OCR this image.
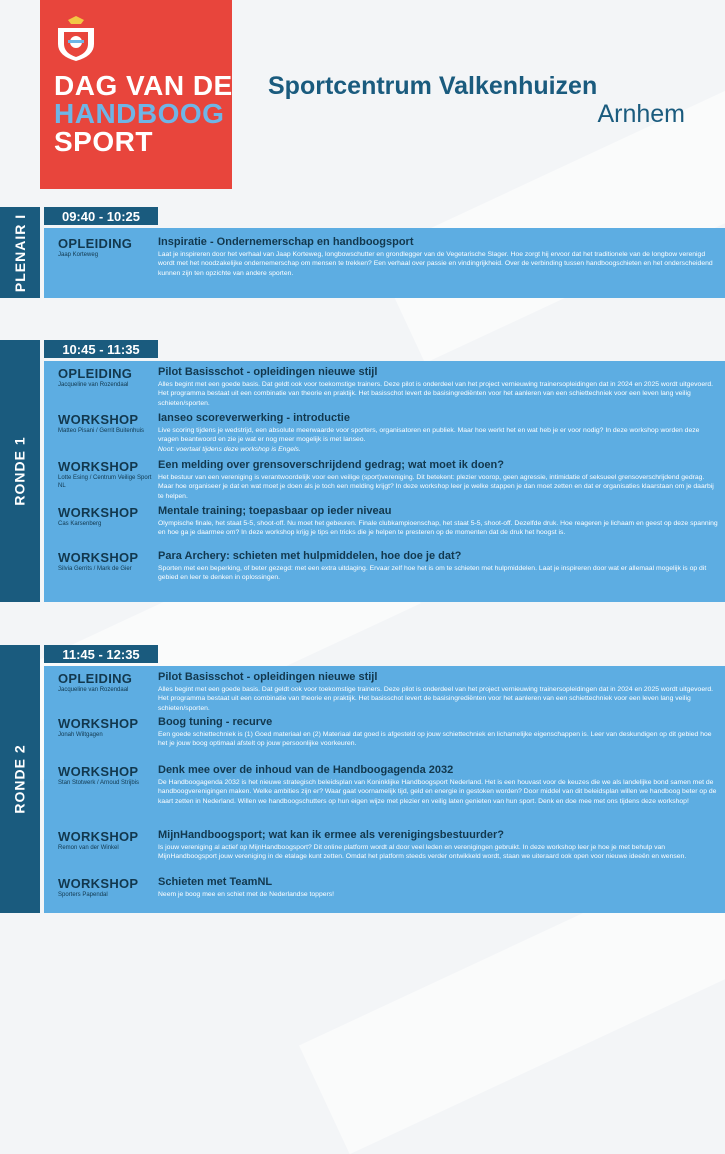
DAG VAN DE
HANDBOOG
SPORT
Sportcentrum Valkenhuizen
Arnhem
PLENAIR I	09:40 - 10:25
OPLEIDING
Jaap Korteweg
Inspiratie - Ondernemerschap en handboogsport
Laat je inspireren door het verhaal van Jaap Korteweg, longbowschutter en grondlegger van de Vegetarische Slager. Hoe zorgt hij ervoor dat het traditionele van de longbow verenigd wordt met het noodzakelijke ondernemerschap om mensen te trekken? Een verhaal over passie en vindingrijkheid. Over de verbinding tussen handboogschieten en het onderscheidend kunnen zijn ten opzichte van andere sporten.
RONDE 1
10:45 - 11:35
OPLEIDING
Jacqueline van Rozendaal
Pilot Basisschot - opleidingen nieuwe stijl
Alles begint met een goede basis. Dat geldt ook voor toekomstige trainers. Deze pilot is onderdeel van het project vernieuwing trainersopleidingen dat in 2024 en 2025 wordt uitgevoerd. Het programma bestaat uit een combinatie van theorie en praktijk. Het basisschot levert de basisingrediënten voor het aanleren van een schiettechniek voor een leven lang veilig schieten/sporten.
WORKSHOP
Matteo Pisani / Gerrit Buitenhuis
Ianseo scoreverwerking - introductie
Live scoring tijdens je wedstrijd, een absolute meerwaarde voor sporters, organisatoren en publiek. Maar hoe werkt het en wat heb je er voor nodig? In deze workshop worden deze vragen beantwoord en zie je wat er nog meer mogelijk is met Ianseo.
Noot: voertaal tijdens deze workshop is Engels.
WORKSHOP
Lotte Esing / Centrum Veilige Sport NL
Een melding over grensoverschrijdend gedrag; wat moet ik doen?
Het bestuur van een vereniging is verantwoordelijk voor een veilige (sport)vereniging. Dit betekent: plezier voorop, geen agressie, intimidatie of seksueel grensoverschrijdend gedrag. Maar hoe organiseer je dat en wat moet je doen als je toch een melding krijgt? In deze workshop leer je welke stappen je dan moet zetten en dat er organisaties klaarstaan om je daarbij te helpen.
WORKSHOP
Cas Karsenberg
Mentale training; toepasbaar op ieder niveau
Olympische finale, het staat 5-5, shoot-off. Nu moet het gebeuren. Finale clubkampioenschap, het staat 5-5, shoot-off. Dezelfde druk. Hoe reageren je lichaam en geest op deze spanning en hoe ga je daarmee om? In deze workshop krijg je tips en tricks die je helpen te presteren op de momenten dat de druk het hoogst is.
WORKSHOP
Silvia Gerrits / Mark de Gier
Para Archery: schieten met hulpmiddelen, hoe doe je dat?
Sporten met een beperking, of beter gezegd: met een extra uitdaging. Ervaar zelf hoe het is om te schieten met hulpmiddelen. Laat je inspireren door wat er allemaal mogelijk is op dit gebied en leer te denken in oplossingen.
RONDE 2
11:45 - 12:35
OPLEIDING
Jacqueline van Rozendaal
Pilot Basisschot - opleidingen nieuwe stijl
Alles begint met een goede basis. Dat geldt ook voor toekomstige trainers. Deze pilot is onderdeel van het project vernieuwing trainersopleidingen dat in 2024 en 2025 wordt uitgevoerd. Het programma bestaat uit een combinatie van theorie en praktijk. Het basisschot levert de basisingrediënten voor het aanleren van een schiettechniek voor een leven lang veilig schieten/sporten.
WORKSHOP
Jonah Wiltgagen
Boog tuning - recurve
Een goede schiettechniek is (1) Goed materiaal en (2) Materiaal dat goed is afgesteld op jouw schiettechniek en lichamelijke eigenschappen is. Leer van deskundigen op dit gebied hoe het je jouw boog optimaal afstelt op jouw persoonlijke voorkeuren.
WORKSHOP
Stan Stotwerk / Arnoud Strijbis
Denk mee over de inhoud van de Handboogagenda 2032
De Handboogagenda 2032 is het nieuwe strategisch beleidsplan van Koninklijke Handboogsport Nederland. Het is een houvast voor de keuzes die we als landelijke bond samen met de handboogverenigingen maken. Welke ambities zijn er? Waar gaat voornamelijk tijd, geld en energie in gestoken worden? Door middel van dit beleidsplan willen we handboog beter op de kaart zetten in Nederland. Willen we handboogschutters op hun eigen wijze met plezier en veilig laten genieten van hun sport. Denk en doe mee met ons tijdens deze workshop!
WORKSHOP
Remon van der Winkel
MijnHandboogsport; wat kan ik ermee als verenigingsbestuurder?
Is jouw vereniging al actief op MijnHandboogsport? Dit online platform wordt al door veel leden en verenigingen gebruikt. In deze workshop leer je hoe je met behulp van MijnHandboogsport jouw vereniging in de etalage kunt zetten. Omdat het platform steeds verder ontwikkeld wordt, staan we uiteraard ook open voor nieuwe ideeën en wensen.
WORKSHOP
Sporters Papendal
Schieten met TeamNL
Neem je boog mee en schiet met de Nederlandse toppers!
